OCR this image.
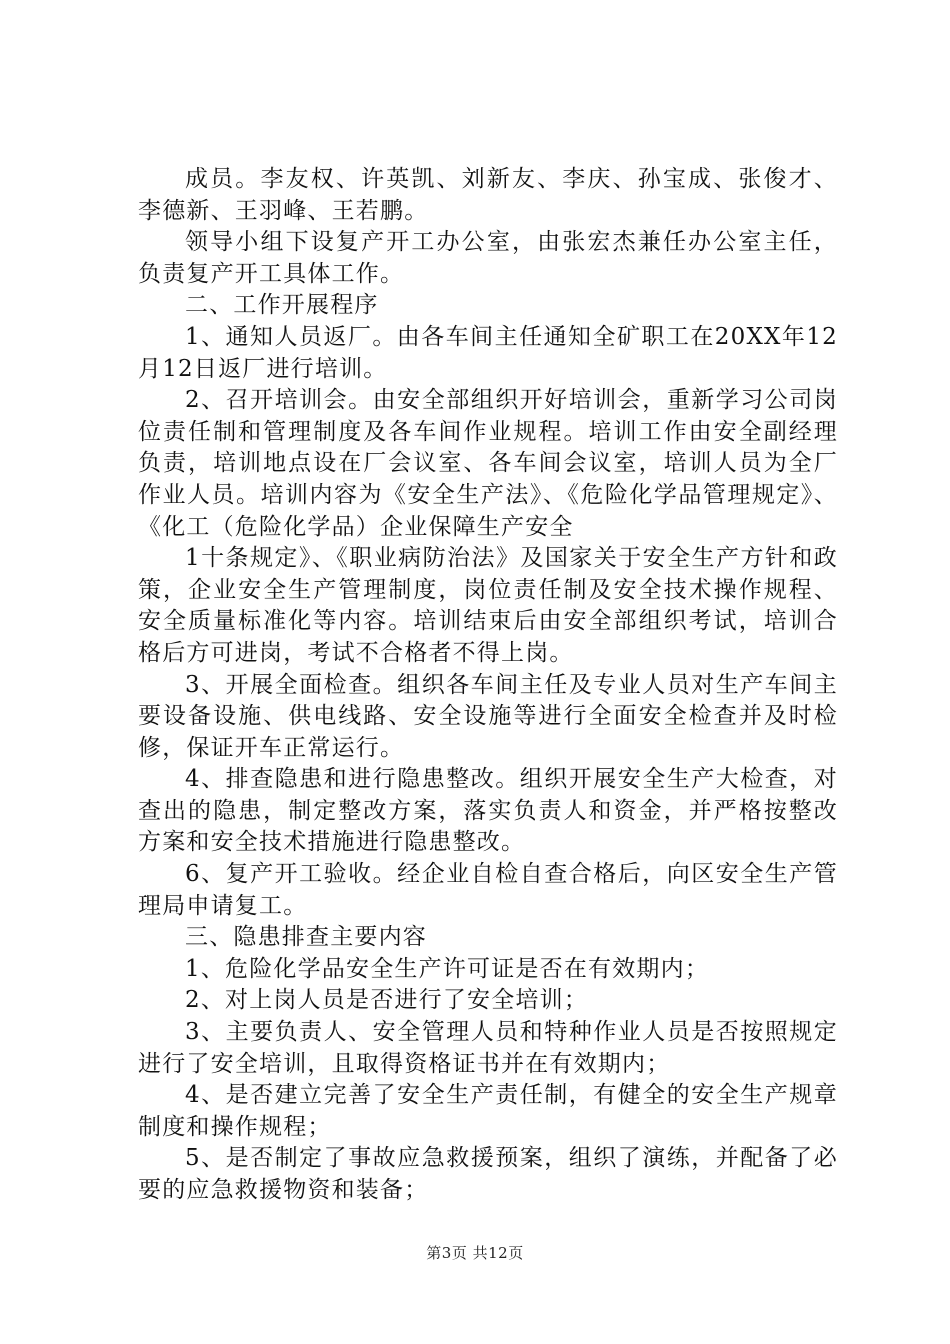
成员。李友权、许英凯、刘新友、李庆、孙宝成、张俊才、李德新、王羽峰、王若鹏。

领导小组下设复产开工办公室，由张宏杰兼任办公室主任，负责复产开工具体工作。

二、工作开展程序

1、通知人员返厂。由各车间主任通知全矿职工在20XX年12月12日返厂进行培训。

2、召开培训会。由安全部组织开好培训会，重新学习公司岗位责任制和管理制度及各车间作业规程。培训工作由安全副经理负责，培训地点设在厂会议室、各车间会议室，培训人员为全厂作业人员。培训内容为《安全生产法》、《危险化学品管理规定》、《化工（危险化学品）企业保障生产安全

1十条规定》、《职业病防治法》及国家关于安全生产方针和政策，企业安全生产管理制度，岗位责任制及安全技术操作规程、安全质量标准化等内容。培训结束后由安全部组织考试，培训合格后方可进岗，考试不合格者不得上岗。

3、开展全面检查。组织各车间主任及专业人员对生产车间主要设备设施、供电线路、安全设施等进行全面安全检查并及时检修，保证开车正常运行。

4、排查隐患和进行隐患整改。组织开展安全生产大检查，对查出的隐患，制定整改方案，落实负责人和资金，并严格按整改方案和安全技术措施进行隐患整改。

6、复产开工验收。经企业自检自查合格后，向区安全生产管理局申请复工。

三、隐患排查主要内容

1、危险化学品安全生产许可证是否在有效期内；

2、对上岗人员是否进行了安全培训；

3、主要负责人、安全管理人员和特种作业人员是否按照规定进行了安全培训，且取得资格证书并在有效期内；

4、是否建立完善了安全生产责任制，有健全的安全生产规章制度和操作规程；

5、是否制定了事故应急救援预案，组织了演练，并配备了必要的应急救援物资和装备；

第3页 共12页
